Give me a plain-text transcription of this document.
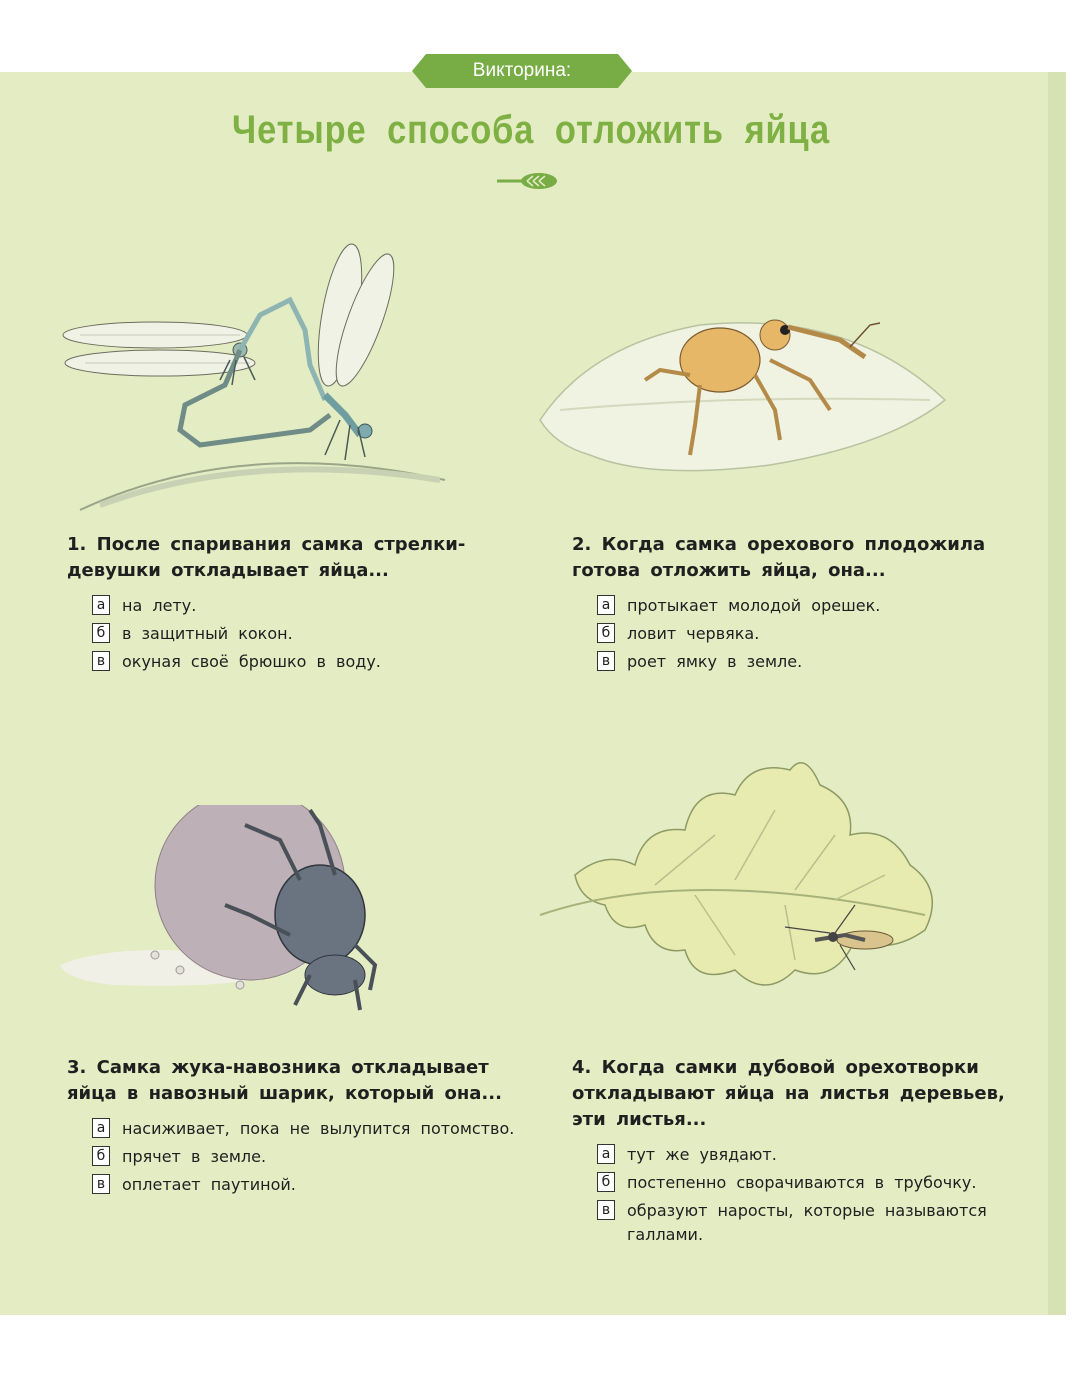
Викторина:
Четыре способа отложить яйца

1. После спаривания самка стрелки-девушки откладывает яйца...

а на лету.
б в защитный кокон.
в	окуная своё брюшко в воду.

2. Когда самка орехового плодожила готова отложить яйца, она...

а протыкает молодой орешек.
б ловит червяка.
в	роет ямку в земле.

3. Самка жука-навозника откладывает яйца в навозный шарик, который она...

а насиживает, пока не вылупится потомство.
б прячет в земле.
в	оплетает паутиной.

4. Когда самки дубовой орехотворки откладывают яйца на листья деревьев, эти листья...

а тут же увядают.
б постепенно сворачиваются в трубочку.
в	образуют наросты, которые называются галлами.
